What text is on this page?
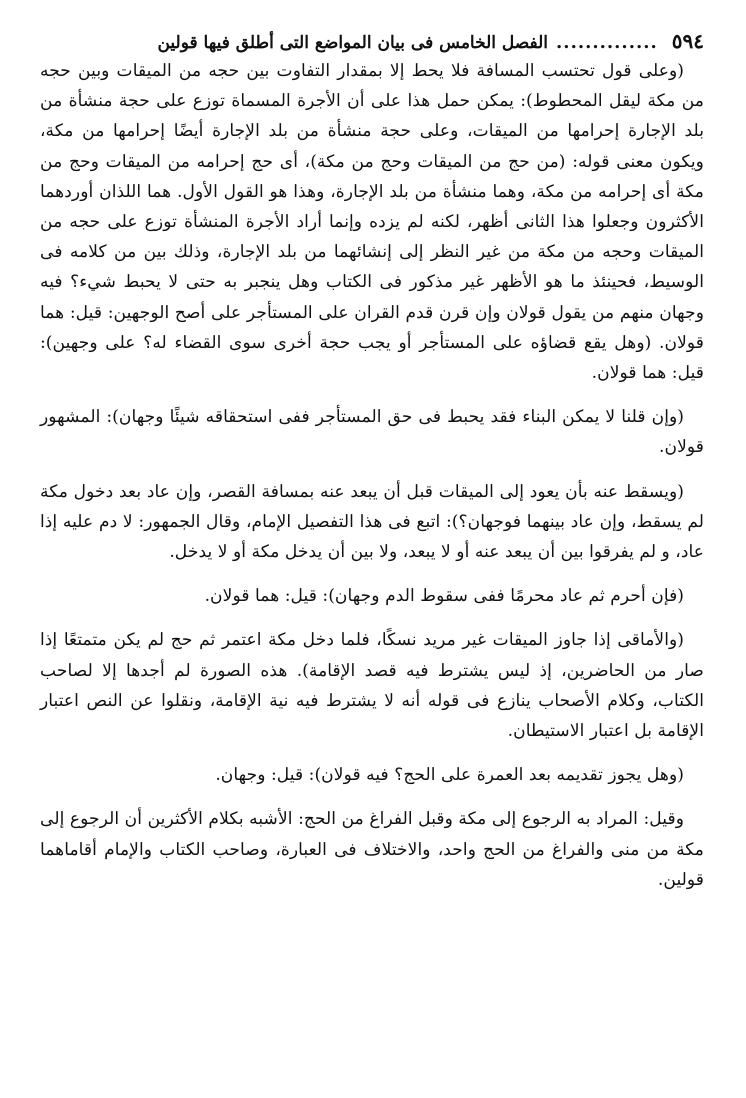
٥٩٤
..............
الفصل الخامس فى بيان المواضع التى أطلق فيها قولين

(وعلى قول تحتسب المسافة فلا يحط إلا بمقدار التفاوت بين حجه من الميقات وبين حجه من مكة ليقل المحطوط): يمكن حمل هذا على أن الأجرة المسماة توزع على حجة منشأة من بلد الإجارة إحرامها من الميقات، وعلى حجة منشأة من بلد الإجارة أيضًا إحرامها من مكة، ويكون معنى قوله: (من حج من الميقات وحج من مكة)، أى حج إحرامه من الميقات وحج من مكة أى إحرامه من مكة، وهما منشأة من بلد الإجارة، وهذا هو القول الأول. هما اللذان أوردهما الأكثرون وجعلوا هذا الثانى أظهر، لكنه لم يزده وإنما أراد الأجرة المنشأة توزع على حجه من الميقات وحجه من مكة من غير النظر إلى إنشائهما من بلد الإجارة، وذلك بين من كلامه فى الوسيط، فحينئذ ما هو الأظهر غير مذكور فى الكتاب وهل ينجبر به حتى لا يحبط شيء؟ فيه وجهان منهم من يقول قولان وإن قرن قدم القران على المستأجر على أصح الوجهين: قيل: هما قولان. (وهل يقع قضاؤه على المستأجر أو يجب حجة أخرى سوى القضاء له؟ على وجهين): قيل: هما قولان.

(وإن قلنا لا يمكن البناء فقد يحبط فى حق المستأجر ففى استحقاقه شيئًا وجهان): المشهور قولان.

(ويسقط عنه بأن يعود إلى الميقات قبل أن يبعد عنه بمسافة القصر، وإن عاد بعد دخول مكة لم يسقط، وإن عاد بينهما فوجهان؟): اتبع فى هذا التفصيل الإمام، وقال الجمهور: لا دم عليه إذا عاد، و لم يفرقوا بين أن يبعد عنه أو لا يبعد، ولا بين أن يدخل مكة أو لا يدخل.

(فإن أحرم ثم عاد محرمًا ففى سقوط الدم وجهان): قيل: هما قولان.

(والأماقى إذا جاوز الميقات غير مريد نسكًا، فلما دخل مكة اعتمر ثم حج لم يكن متمتعًا إذا صار من الحاضرين، إذ ليس يشترط فيه قصد الإقامة). هذه الصورة لم أجدها إلا لصاحب الكتاب، وكلام الأصحاب ينازع فى قوله أنه لا يشترط فيه نية الإقامة، ونقلوا عن النص اعتبار الإقامة بل اعتبار الاستيطان.

(وهل يجوز تقديمه بعد العمرة على الحج؟ فيه قولان): قيل: وجهان.

وقيل: المراد به الرجوع إلى مكة وقبل الفراغ من الحج: الأشبه بكلام الأكثرين أن الرجوع إلى مكة من منى والفراغ من الحج واحد، والاختلاف فى العبارة، وصاحب الكتاب والإمام أقاماهما قولين.
